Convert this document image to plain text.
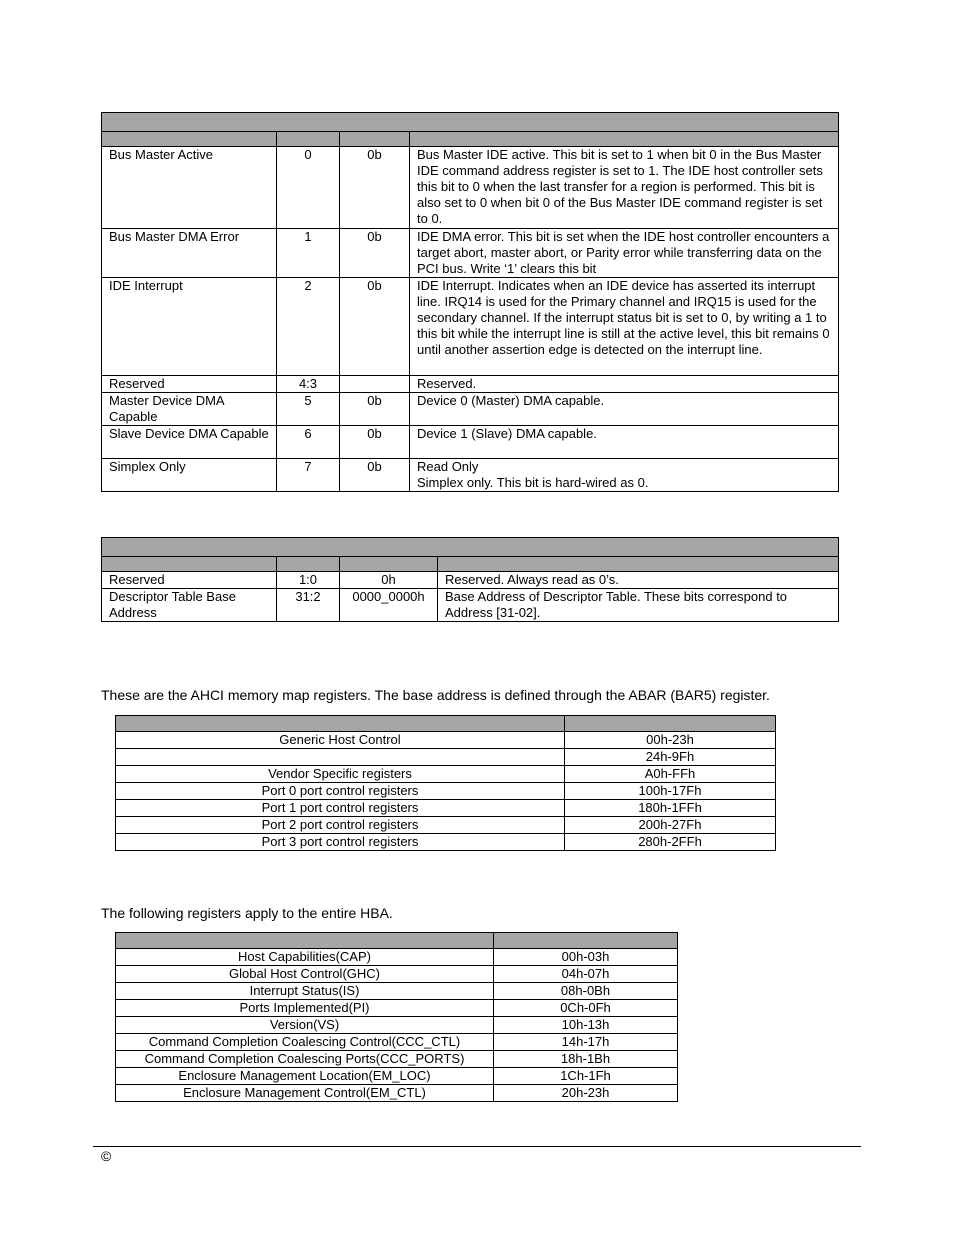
Bus Master Active	0	0b	Bus Master IDE active. This bit is set to 1 when bit 0 in the Bus Master IDE command address register is set to 1. The IDE host controller sets this bit to 0 when the last transfer for a region is performed. This bit is also set to 0 when bit 0 of the Bus Master IDE command register is set to 0.
Bus Master DMA Error	1	0b	IDE DMA error. This bit is set when the IDE host controller encounters a target abort, master abort, or Parity error while transferring data on the PCI bus. Write ‘1’ clears this bit
IDE Interrupt	2	0b	IDE Interrupt. Indicates when an IDE device has asserted its interrupt line. IRQ14 is used for the Primary channel and IRQ15 is used for the secondary channel. If the interrupt status bit is set to 0, by writing a 1 to this bit while the interrupt line is still at the active level, this bit remains 0 until another assertion edge is detected on the interrupt line.
Reserved	4:3		Reserved.
Master Device DMA Capable	5	0b	Device 0 (Master) DMA capable.
Slave Device DMA Capable	6	0b	Device 1 (Slave) DMA capable.
Simplex Only	7	0b	Read Only
Simplex only. This bit is hard-wired as 0.

Reserved	1:0	0h	Reserved. Always read as 0’s.
Descriptor Table Base Address	31:2	0000_0000h	Base Address of Descriptor Table. These bits correspond to Address [31-02].

These are the AHCI memory map registers. The base address is defined through the ABAR (BAR5) register.

Generic Host Control	00h-23h
	24h-9Fh
Vendor Specific registers	A0h-FFh
Port 0 port control registers	100h-17Fh
Port 1 port control registers	180h-1FFh
Port 2 port control registers	200h-27Fh
Port 3 port control registers	280h-2FFh

The following registers apply to the entire HBA.

Host Capabilities(CAP)	00h-03h
Global Host Control(GHC)	04h-07h
Interrupt Status(IS)	08h-0Bh
Ports Implemented(PI)	0Ch-0Fh
Version(VS)	10h-13h
Command Completion Coalescing Control(CCC_CTL)	14h-17h
Command Completion Coalescing Ports(CCC_PORTS)	18h-1Bh
Enclosure Management Location(EM_LOC)	1Ch-1Fh
Enclosure Management Control(EM_CTL)	20h-23h
©
